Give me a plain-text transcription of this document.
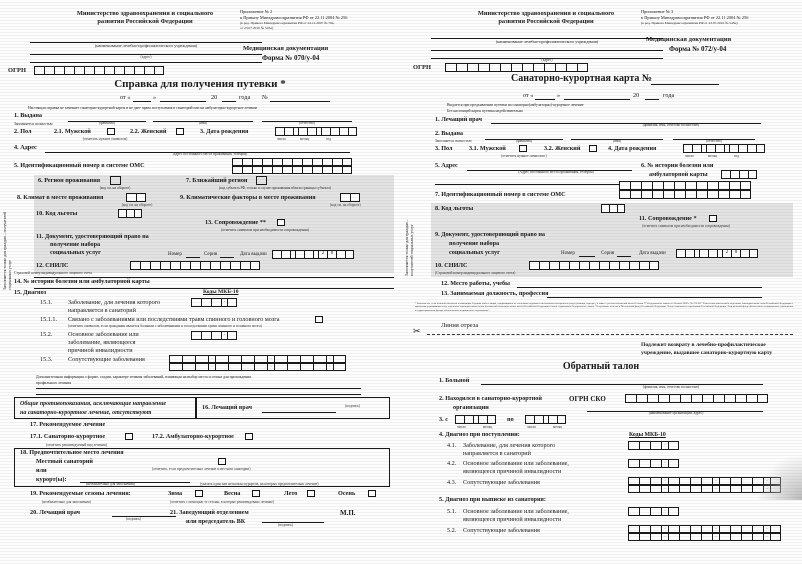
Министерство здравоохранения и социального
развития Российской Федерации
Приложение № 2
к Приказу Минздравсоцразвития РФ от 22.11.2004 № 256
(в ред. Приказа Минздравсоцразвития РФ от 24.12.2007 № 794,
от 23.07.2010 № 545н)
(наименование лечебно-профилактического учреждения)
(адрес)
Медицинская документация
Форма № 070/у-04
ОГРН
Справка для получения путевки *
от «	»	20	года №
Настоящая справка не заменяет санаторно-курортной карты и не дает права поступления в санаторий или на амбулаторно-курортное лечение
1. Выдана
Заполняется полностью	(фамилия)	(имя)	(отчество)
2. Пол	2.1. Мужской	2.2. Женский
(отметить нужное символом)
3. Дата рождения
число	месяц	год
4. Адрес
(адрес постоянного места проживания, телефон)
5. Идентификационный номер в системе ОМС
6. Регион проживания
(код см. на обороте)
7. Ближайший регион
(код субъекта РФ, только в случае проживания вблизи границы субъекта)
8. Климат в месте проживания
(код см. на обороте)
9. Климатические факторы в месте проживания
(код см. на обороте)
10. Код льготы
13. Сопровождение **
(отметить символом при необходимости сопровождения)
11. Документ, удостоверяющий право на
получение набора
социальных услуг	Номер	Серия	Дата выдачи	2	0
12. СНИЛС
Страховой номер индивидуального лицевого счета
14. № истории болезни или амбулаторной карты
15. Диагноз	Коды МКБ-10
15.1.	Заболевание, для лечения которого
направляется в санаторий
.
15.1.1. Связано с заболеваниями или последствиями травм спинного и головного мозга
(отметить символом, если гражданин является больным с заболеваниями и последствиями травм спинного и головного мозга)
15.2.	Основное заболевание или
заболевание, являющееся
причиной инвалидности
.
15.3.	Сопутствующие заболевания	.	.	.
.	.	.
Дополнительная информация о форме, стадии, характере течения заболеваний, влияющая на выбор места и сезона для прохождения
профильного лечения
Общие противопоказания, исключающие направление
на санаторно-курортное лечение, отсутствуют
16. Лечащий врач	(подпись)
17. Рекомендуемое лечение
17.1. Санаторно-курортное	17.2. Амбулаторно-курортное
(отметить рекомендуемый вид лечения)
18. Предпочтительное место лечения
Местный санаторий
или	(отметить, если предпочтительно лечение в местном санатории)
курорт(ы):
(необязательно для заполнения)	(указать один или несколько курортов, на которых предпочтительно лечение)
19. Рекомендуемые сезоны лечения:	Зима	Весна	Лето	Осень
(необязательно для заполнения)	(отметить с помощью те сезоны, в которые рекомендовано лечение)
20. Лечащий врач
(подпись)
21. Заведующий отделением
или председатель ВК	(подпись)
М.П.
Заполняется только для граждан – получателей социальных услуг
Министерство здравоохранения и социального
развития Российской Федерации
Приложение № 3
к Приказу Минздравсоцразвития РФ от 22.11.2004 № 256
(в ред. Приказа Минздравсоцразвития РФ от 23.07.2010 № 545н)
(наименование лечебно-профилактического учреждения)
(адрес)
Медицинская документация
Форма № 072/у-04
ОГРН
Санаторно-курортная карта №
от «	»	20	года
Выдается при предъявлении путевки на санаторно(амбулаторно)-курортное лечение
Без настоящей карты путевка недействительна
1. Лечащий врач
(фамилия, имя, отчество полностью)
2. Выдана
Заполняется полностью	(фамилия)	(имя)	(отчество)
3. Пол	3.1. Мужской	3.2. Женский
(отметить нужное символом )
4. Дата рождения
число	месяц	год
5. Адрес
(Адрес постоянного места проживания, телефон)
6. № истории болезни или
амбулаторной карты
7. Идентификационный номер в системе ОМС
8. Код льготы
11. Сопровождение *
(отметить символом при необходимости сопровождения)
9. Документ, удостоверяющий право на
получение набора
социальных услуг	Номер	Серия	Дата выдачи	2	0
10. СНИЛС
(Страховой номер индивидуального лицевого счета)
12. Место работы, учебы
13. Занимаемая должность, профессия
* Заполняется, если больной относится к инвалидам I группы либо к лицам, нуждающимся по состоянию здоровья в постоянном постороннем уходе (помощи, надзоре), а также с учетом положений части 6 статьи 77 Федерального закона от 24 июля 2009 г. № 213-ФЗ "О внесении изменений в отдельные законодательные акты Российской Федерации и признании утратившими силу отдельных законодательных актов (положений законодательных актов) Российской Федерации в связи с принятием Федерального закона "О страховых взносах в Пенсионный фонд Российской Федерации, Фонд социального страхования Российской Федерации, Федеральный фонд обязательного медицинского страхования и территориальные фонды обязательного медицинского страхования".
Линия отреза
✂
Подлежит возврату в лечебно-профилактическое
учреждение, выдавшее санаторно-курортную карту
Обратный талон
1. Больной
(фамилия, имя, отчество полностью)
2. Находился в санаторно-курортной
организации
ОГРН СКО
(наименование организации, адрес)
3. с	по
число	месяц	число	месяц
4. Диагноз при поступлении:	Коды МКБ-10
4.1. Заболевание, для лечения которого
направляется в санаторий
.
4.2. Основное заболевание или заболевание,
являющееся причиной инвалидности
.
4.3. Сопутствующие заболевания	.	.
.	.
5. Диагноз при выписке из санатория:
5.1. Основное заболевание или заболевание,
являющееся причиной инвалидности
.
5.2. Сопутствующие заболевания	.	.	.
.	.	.
Заполняется только для граждан – получателей социальных услуг
